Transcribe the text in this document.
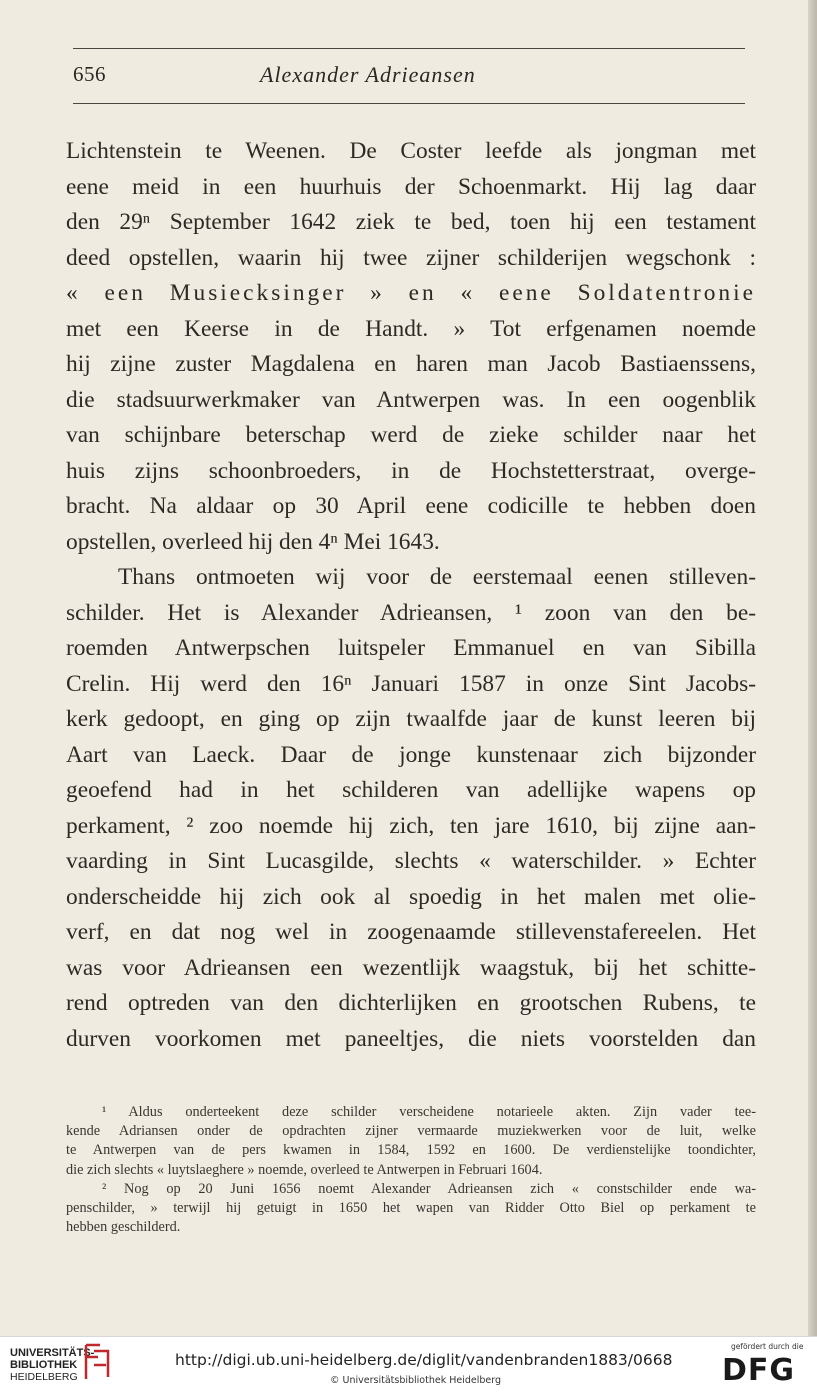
656	Alexander Adrieansen
Lichtenstein te Weenen. De Coster leefde als jongman met
eene meid in een huurhuis der Schoenmarkt. Hij lag daar
den 29ⁿ September 1642 ziek te bed, toen hij een testament
deed opstellen, waarin hij twee zijner schilderijen wegschonk :
« een Musiecksinger » en « eene Soldatentronie
met een Keerse in de Handt. » Tot erfgenamen noemde
hij zijne zuster Magdalena en haren man Jacob Bastiaenssens,
die stadsuurwerkmaker van Antwerpen was. In een oogenblik
van schijnbare beterschap werd de zieke schilder naar het
huis zijns schoonbroeders, in de Hochstetterstraat, overge-
bracht. Na aldaar op 30 April eene codicille te hebben doen
opstellen, overleed hij den 4ⁿ Mei 1643.
Thans ontmoeten wij voor de eerstemaal eenen stilleven-
schilder. Het is Alexander Adrieansen, ¹ zoon van den be-
roemden Antwerpschen luitspeler Emmanuel en van Sibilla
Crelin. Hij werd den 16ⁿ Januari 1587 in onze Sint Jacobs-
kerk gedoopt, en ging op zijn twaalfde jaar de kunst leeren bij
Aart van Laeck. Daar de jonge kunstenaar zich bijzonder
geoefend had in het schilderen van adellijke wapens op
perkament, ² zoo noemde hij zich, ten jare 1610, bij zijne aan-
vaarding in Sint Lucasgilde, slechts « waterschilder. » Echter
onderscheidde hij zich ook al spoedig in het malen met olie-
verf, en dat nog wel in zoogenaamde stillevenstafereelen. Het
was voor Adrieansen een wezentlijk waagstuk, bij het schitte-
rend optreden van den dichterlijken en grootschen Rubens, te
durven voorkomen met paneeltjes, die niets voorstelden dan
¹ Aldus onderteekent deze schilder verscheidene notarieele akten. Zijn vader tee-
kende Adriansen onder de opdrachten zijner vermaarde muziekwerken voor de luit, welke
te Antwerpen van de pers kwamen in 1584, 1592 en 1600. De verdienstelijke toondichter,
die zich slechts « luytslaeghere » noemde, overleed te Antwerpen in Februari 1604.
² Nog op 20 Juni 1656 noemt Alexander Adrieansen zich « constschilder ende wa-
penschilder, » terwijl hij getuigt in 1650 het wapen van Ridder Otto Biel op perkament te
hebben geschilderd.
UNIVERSITÄTS-
BIBLIOTHEK
HEIDELBERG
http://digi.ub.uni-heidelberg.de/diglit/vandenbranden1883/0668
© Universitätsbibliothek Heidelberg
gefördert durch die
DFG
